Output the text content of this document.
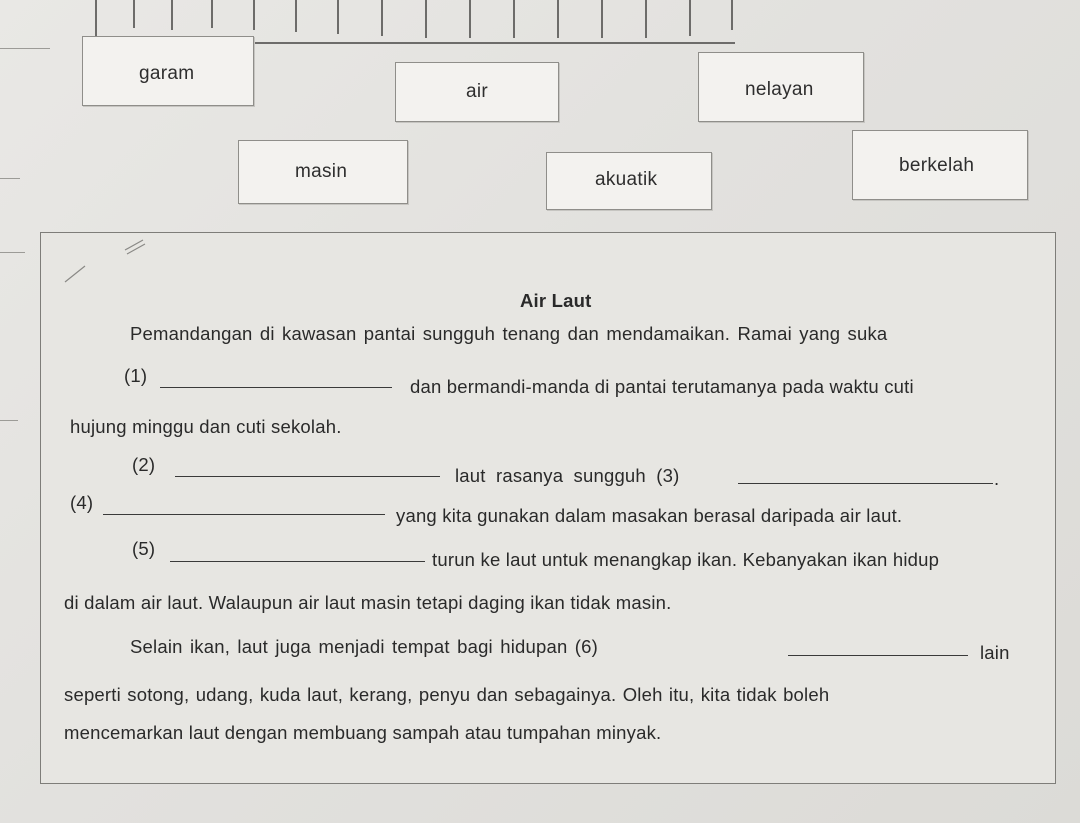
garam
air	nelayan
masin	akuatik
berkelah
Air Laut
Pemandangan di kawasan pantai sungguh tenang dan mendamaikan. Ramai yang suka
(1)
dan bermandi-manda di pantai terutamanya pada waktu cuti
hujung minggu dan cuti sekolah.
(2)
laut rasanya sungguh (3)	.
(4)
yang kita gunakan dalam masakan berasal daripada air laut.
(5)
turun ke laut untuk menangkap ikan. Kebanyakan ikan hidup
di dalam air laut. Walaupun air laut masin tetapi daging ikan tidak masin.
Selain ikan, laut juga menjadi tempat bagi hidupan (6)	lain
seperti sotong, udang, kuda laut, kerang, penyu dan sebagainya. Oleh itu, kita tidak boleh
mencemarkan laut dengan membuang sampah atau tumpahan minyak.
